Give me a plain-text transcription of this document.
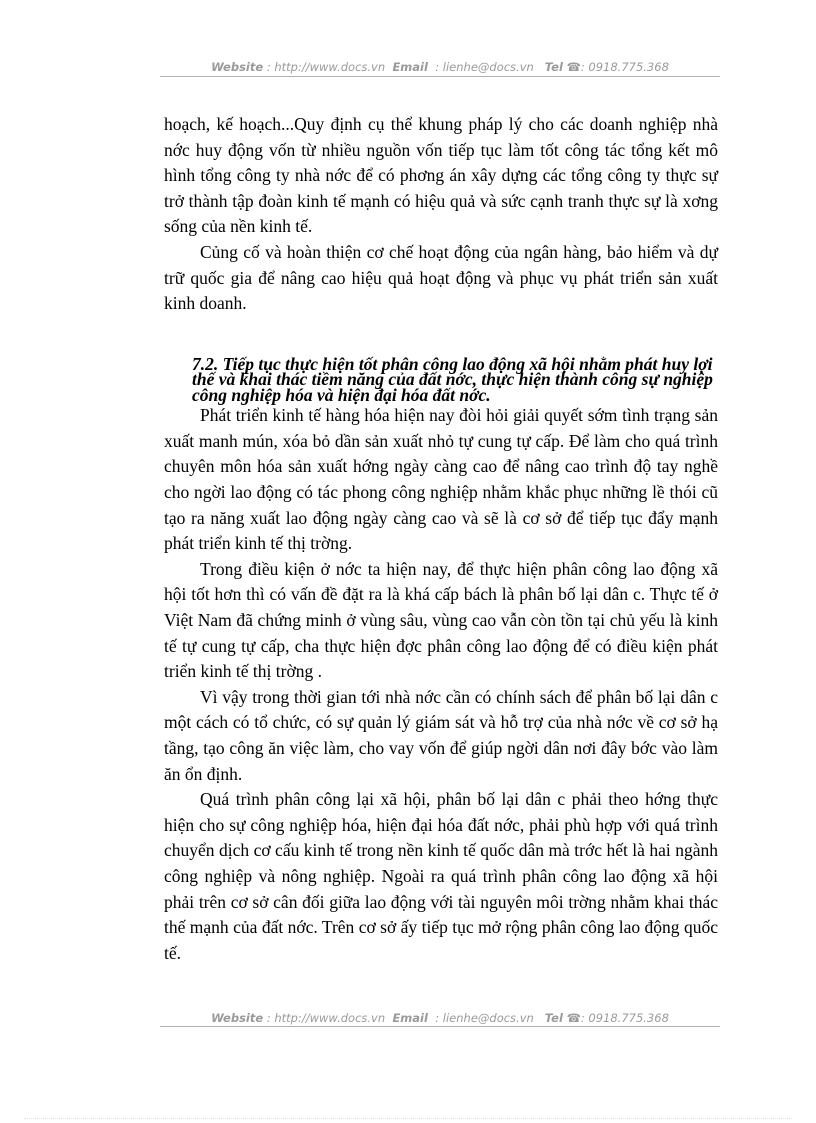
Website : http://www.docs.vn Email : lienhe@docs.vn Tel ☎: 0918.775.368

hoạch, kế hoạch...Quy định cụ thể khung pháp lý cho các doanh nghiệp nhà nớc huy động vốn từ nhiều nguồn vốn tiếp tục làm tốt công tác tổng kết mô hình tổng công ty nhà nớc để có phơng án xây dựng các tổng công ty thực sự trở thành tập đoàn kinh tế mạnh có hiệu quả và sức cạnh tranh thực sự là xơng sống của nền kinh tế.

Củng cố và hoàn thiện cơ chế hoạt động của ngân hàng, bảo hiểm và dự trữ quốc gia để nâng cao hiệu quả hoạt động và phục vụ phát triển sản xuất kinh doanh.

7.2. Tiếp tục thực hiện tốt phân công lao động xã hội nhằm phát huy lợi thế và khai thác tiềm năng của đất nớc, thực hiện thành công sự nghiệp công nghiệp hóa và hiện đại hóa đất nớc.

Phát triển kinh tế hàng hóa hiện nay đòi hỏi giải quyết sớm tình trạng sản xuất manh mún, xóa bỏ dần sản xuất nhỏ tự cung tự cấp. Để làm cho quá trình chuyên môn hóa sản xuất hớng ngày càng cao để nâng cao trình độ tay nghề cho ngời lao động có tác phong công nghiệp nhằm khắc phục những lề thói cũ tạo ra năng xuất lao động ngày càng cao và sẽ là cơ sở để tiếp tục đẩy mạnh phát triển kinh tế thị trờng.

Trong điều kiện ở nớc ta hiện nay, để thực hiện phân công lao động xã hội tốt hơn thì có vấn đề đặt ra là khá cấp bách là phân bố lại dân c. Thực tế ở Việt Nam đã chứng minh ở vùng sâu, vùng cao vẫn còn tồn tại chủ yếu là kinh tế tự cung tự cấp, cha thực hiện đợc phân công lao động để có điều kiện phát triển kinh tế thị trờng .

Vì vậy trong thời gian tới nhà nớc cần có chính sách để phân bố lại dân c một cách có tổ chức, có sự quản lý giám sát và hỗ trợ của nhà nớc về cơ sở hạ tầng, tạo công ăn việc làm, cho vay vốn để giúp ngời dân nơi đây bớc vào làm ăn ổn định.

Quá trình phân công lại xã hội, phân bố lại dân c phải theo hớng thực hiện cho sự công nghiệp hóa, hiện đại hóa đất nớc, phải phù hợp với quá trình chuyển dịch cơ cấu kinh tế trong nền kinh tế quốc dân mà trớc hết là hai ngành công nghiệp và nông nghiệp. Ngoài ra quá trình phân công lao động xã hội phải trên cơ sở cân đối giữa lao động với tài nguyên môi trờng nhằm khai thác thế mạnh của đất nớc. Trên cơ sở ấy tiếp tục mở rộng phân công lao động quốc tế.

Website : http://www.docs.vn Email : lienhe@docs.vn Tel ☎: 0918.775.368
